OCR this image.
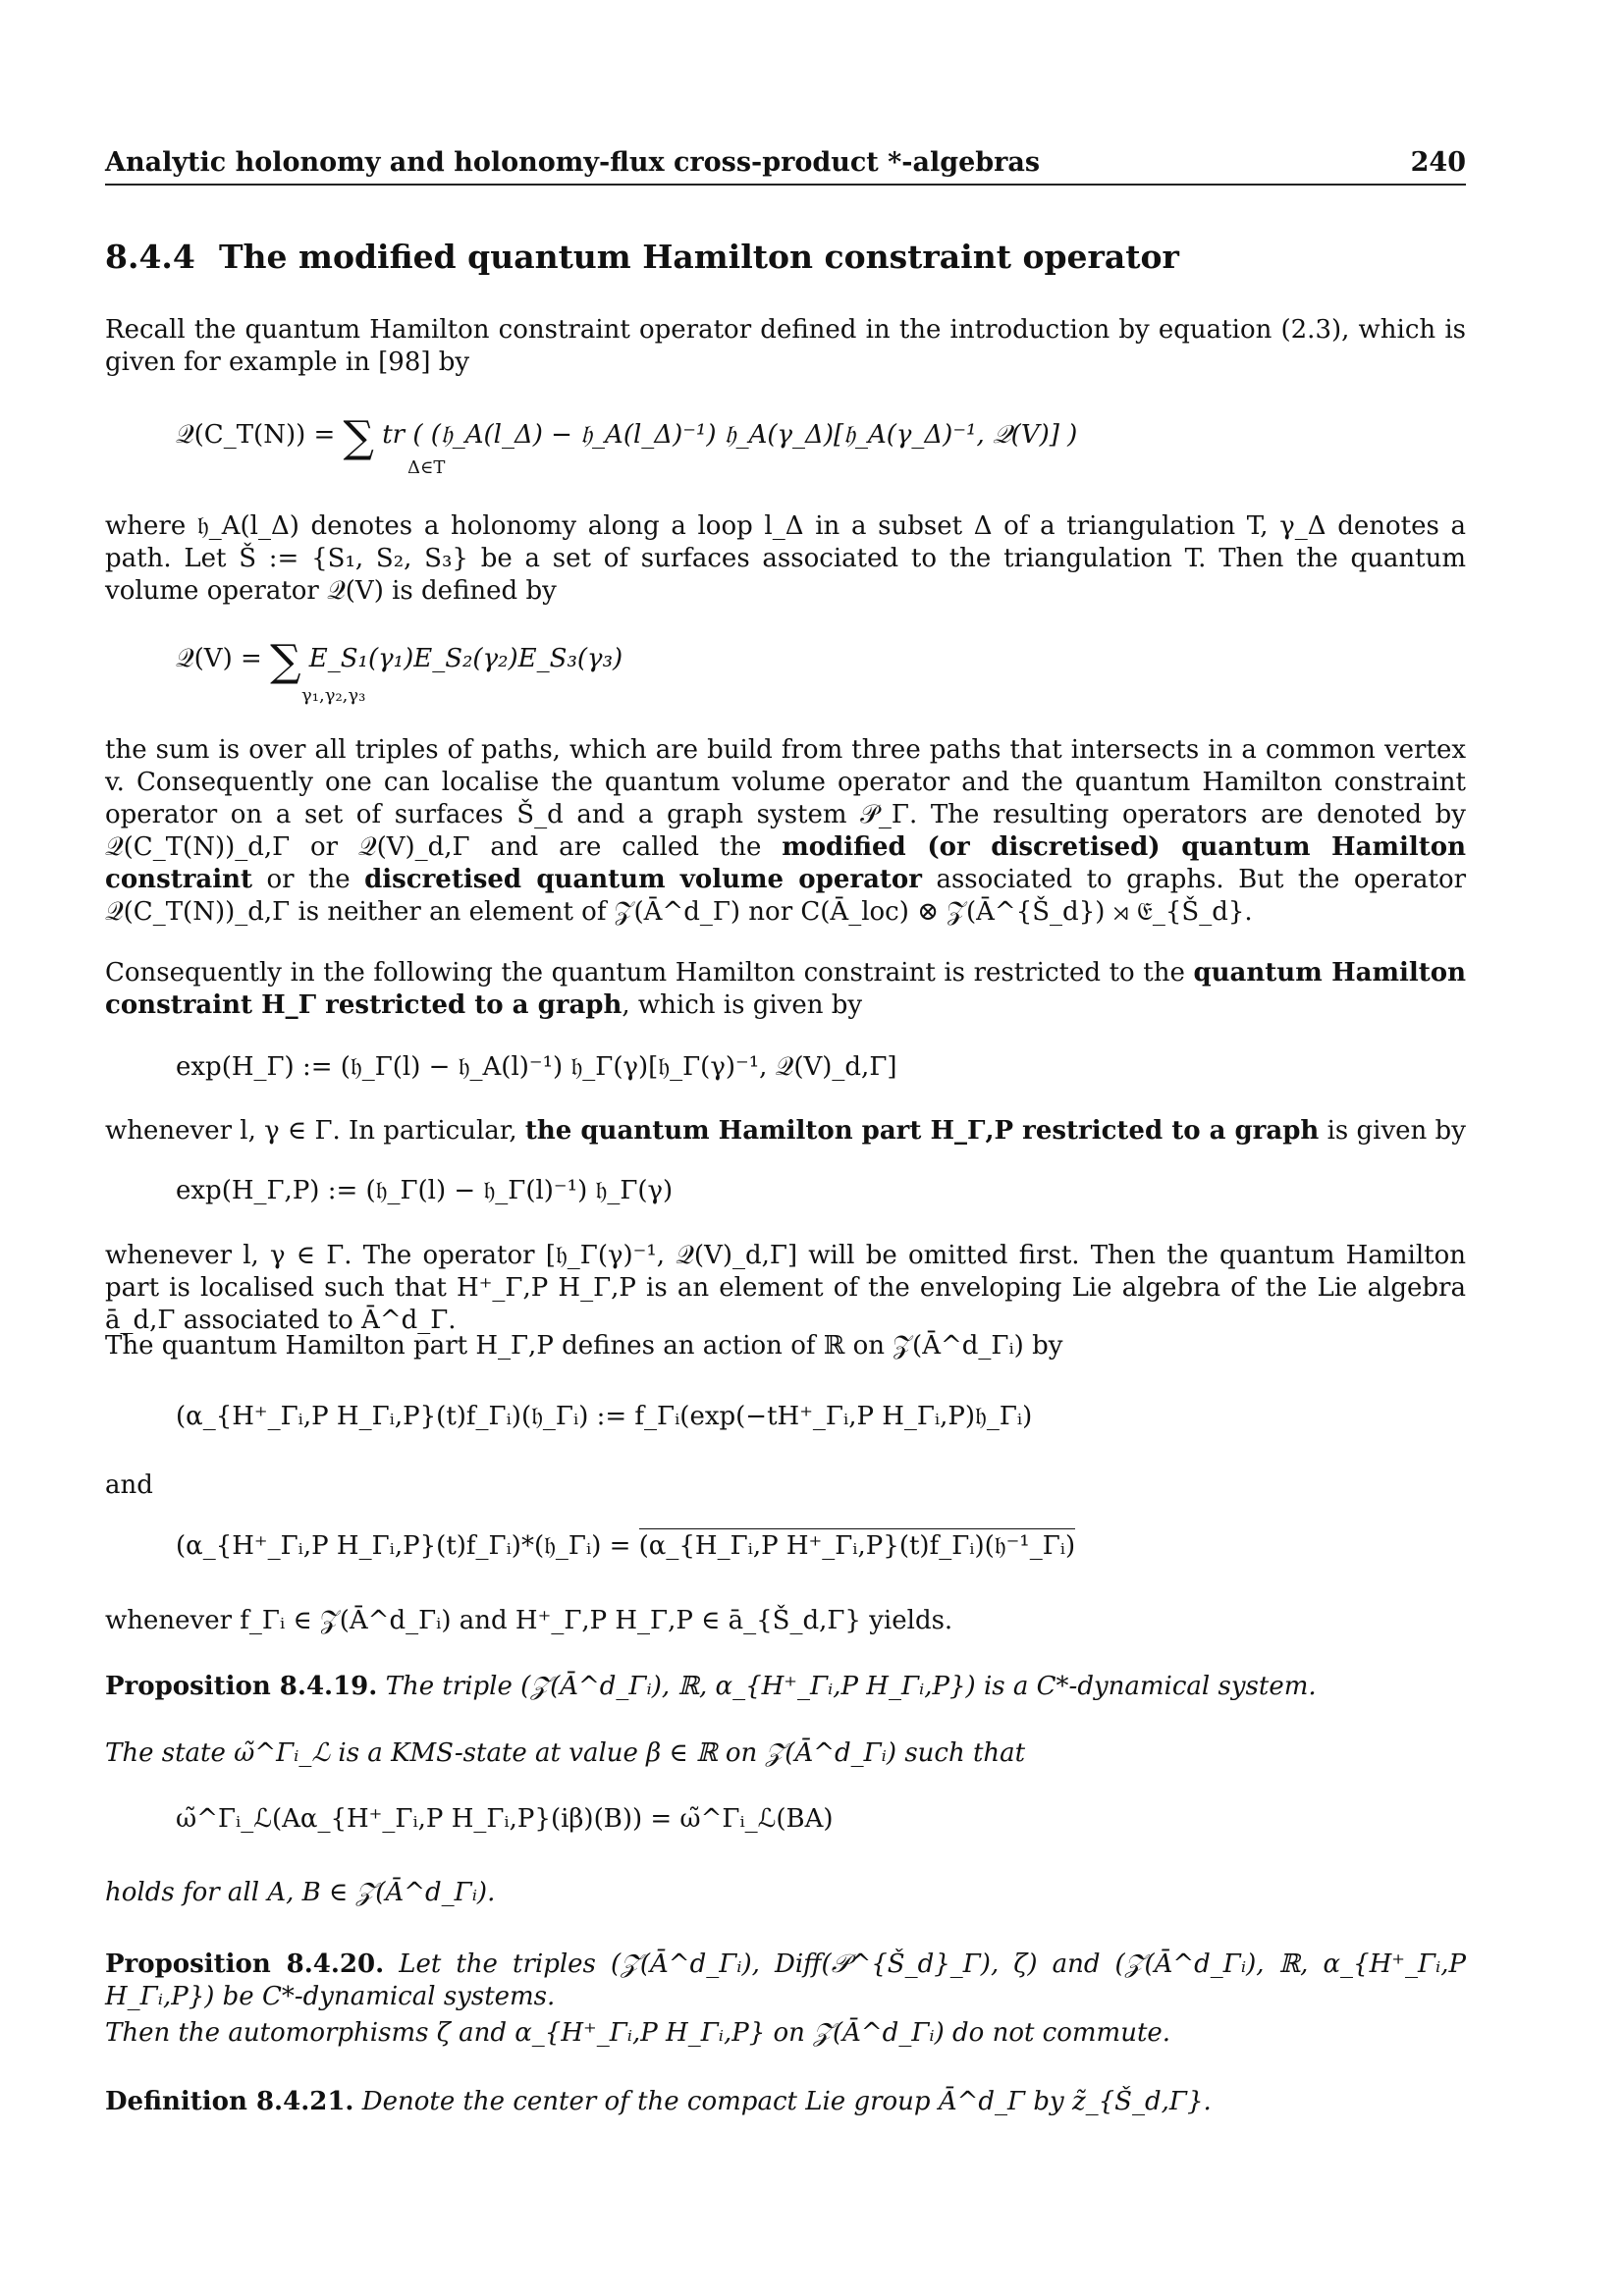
Analytic holonomy and holonomy-flux cross-product *-algebras	240
8.4.4 The modified quantum Hamilton constraint operator
Recall the quantum Hamilton constraint operator defined in the introduction by equation (2.3), which is given for example in [98] by
𝒬(C_T(N)) = ∑ tr ( (𝔥_A(l_Δ) − 𝔥_A(l_Δ)⁻¹) 𝔥_A(γ_Δ)[𝔥_A(γ_Δ)⁻¹, 𝒬(V)] )
Δ∈T
where 𝔥_A(l_Δ) denotes a holonomy along a loop l_Δ in a subset Δ of a triangulation T, γ_Δ denotes a path. Let Š := {S₁, S₂, S₃} be a set of surfaces associated to the triangulation T. Then the quantum volume operator 𝒬(V) is defined by
𝒬(V) = ∑ E_S₁(γ₁)E_S₂(γ₂)E_S₃(γ₃)
γ₁,γ₂,γ₃
the sum is over all triples of paths, which are build from three paths that intersects in a common vertex v. Consequently one can localise the quantum volume operator and the quantum Hamilton constraint operator on a set of surfaces Š_d and a graph system 𝒫_Γ. The resulting operators are denoted by 𝒬(C_T(N))_d,Γ or 𝒬(V)_d,Γ and are called the modified (or discretised) quantum Hamilton constraint or the discretised quantum volume operator associated to graphs. But the operator 𝒬(C_T(N))_d,Γ is neither an element of 𝒵(Ā^d_Γ) nor C(Ā_loc) ⊗ 𝒵(Ā^{Š_d}) ⋊ 𝔈_{Š_d}.
Consequently in the following the quantum Hamilton constraint is restricted to the quantum Hamilton constraint H_Γ restricted to a graph, which is given by
exp(H_Γ) := (𝔥_Γ(l) − 𝔥_A(l)⁻¹) 𝔥_Γ(γ)[𝔥_Γ(γ)⁻¹, 𝒬(V)_d,Γ]
whenever l, γ ∈ Γ. In particular, the quantum Hamilton part H_Γ,P restricted to a graph is given by
exp(H_Γ,P) := (𝔥_Γ(l) − 𝔥_Γ(l)⁻¹) 𝔥_Γ(γ)
whenever l, γ ∈ Γ. The operator [𝔥_Γ(γ)⁻¹, 𝒬(V)_d,Γ] will be omitted first. Then the quantum Hamilton part is localised such that H⁺_Γ,P H_Γ,P is an element of the enveloping Lie algebra of the Lie algebra ā_d,Γ associated to Ā^d_Γ.
The quantum Hamilton part H_Γ,P defines an action of ℝ on 𝒵(Ā^d_Γᵢ) by
(α_{H⁺_Γᵢ,P H_Γᵢ,P}(t)f_Γᵢ)(𝔥_Γᵢ) := f_Γᵢ(exp(−tH⁺_Γᵢ,P H_Γᵢ,P)𝔥_Γᵢ)
and
(α_{H⁺_Γᵢ,P H_Γᵢ,P}(t)f_Γᵢ)*(𝔥_Γᵢ) = (α_{H_Γᵢ,P H⁺_Γᵢ,P}(t)f_Γᵢ)(𝔥⁻¹_Γᵢ)
whenever f_Γᵢ ∈ 𝒵(Ā^d_Γᵢ) and H⁺_Γ,P H_Γ,P ∈ ā_{Š_d,Γ} yields.
Proposition 8.4.19. The triple (𝒵(Ā^d_Γᵢ), ℝ, α_{H⁺_Γᵢ,P H_Γᵢ,P}) is a C*-dynamical system.
The state ω̃^Γᵢ_ℒ is a KMS-state at value β ∈ ℝ on 𝒵(Ā^d_Γᵢ) such that
ω̃^Γᵢ_ℒ(Aα_{H⁺_Γᵢ,P H_Γᵢ,P}(iβ)(B)) = ω̃^Γᵢ_ℒ(BA)
holds for all A, B ∈ 𝒵(Ā^d_Γᵢ).
Proposition 8.4.20. Let the triples (𝒵(Ā^d_Γᵢ), Diff(𝒫^{Š_d}_Γ), ζ) and (𝒵(Ā^d_Γᵢ), ℝ, α_{H⁺_Γᵢ,P H_Γᵢ,P}) be C*-dynamical systems.
Then the automorphisms ζ and α_{H⁺_Γᵢ,P H_Γᵢ,P} on 𝒵(Ā^d_Γᵢ) do not commute.
Definition 8.4.21. Denote the center of the compact Lie group Ā^d_Γ by z̃_{Š_d,Γ}.
